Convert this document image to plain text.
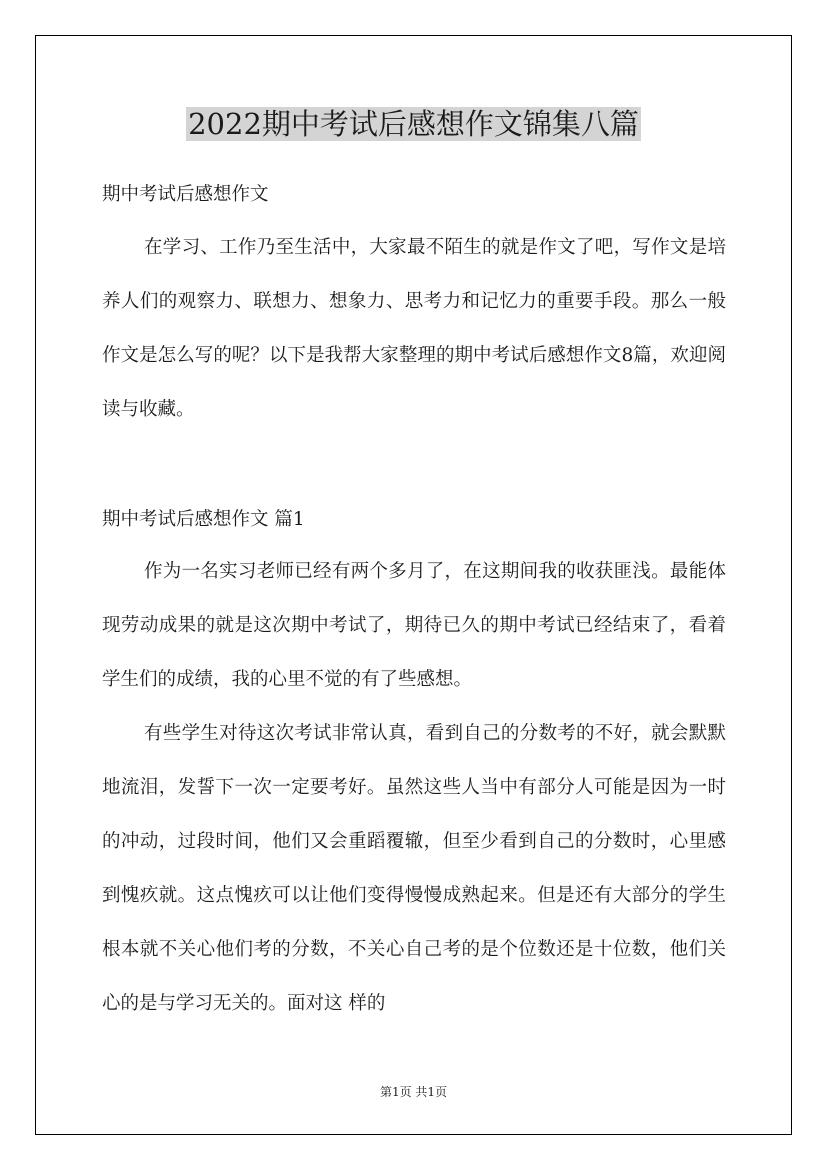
2022期中考试后感想作文锦集八篇

期中考试后感想作文

在学习、工作乃至生活中，大家最不陌生的就是作文了吧，写作文是培养人们的观察力、联想力、想象力、思考力和记忆力的重要手段。那么一般作文是怎么写的呢？以下是我帮大家整理的期中考试后感想作文8篇，欢迎阅读与收藏。

期中考试后感想作文 篇1

作为一名实习老师已经有两个多月了，在这期间我的收获匪浅。最能体现劳动成果的就是这次期中考试了，期待已久的期中考试已经结束了，看着学生们的成绩，我的心里不觉的有了些感想。

有些学生对待这次考试非常认真，看到自己的分数考的不好，就会默默地流泪，发誓下一次一定要考好。虽然这些人当中有部分人可能是因为一时的冲动，过段时间，他们又会重蹈覆辙，但至少看到自己的分数时，心里感到愧疚就。这点愧疚可以让他们变得慢慢成熟起来。但是还有大部分的学生根本就不关心他们考的分数，不关心自己考的是个位数还是十位数，他们关心的是与学习无关的。面对这 样的

第1页 共1页
